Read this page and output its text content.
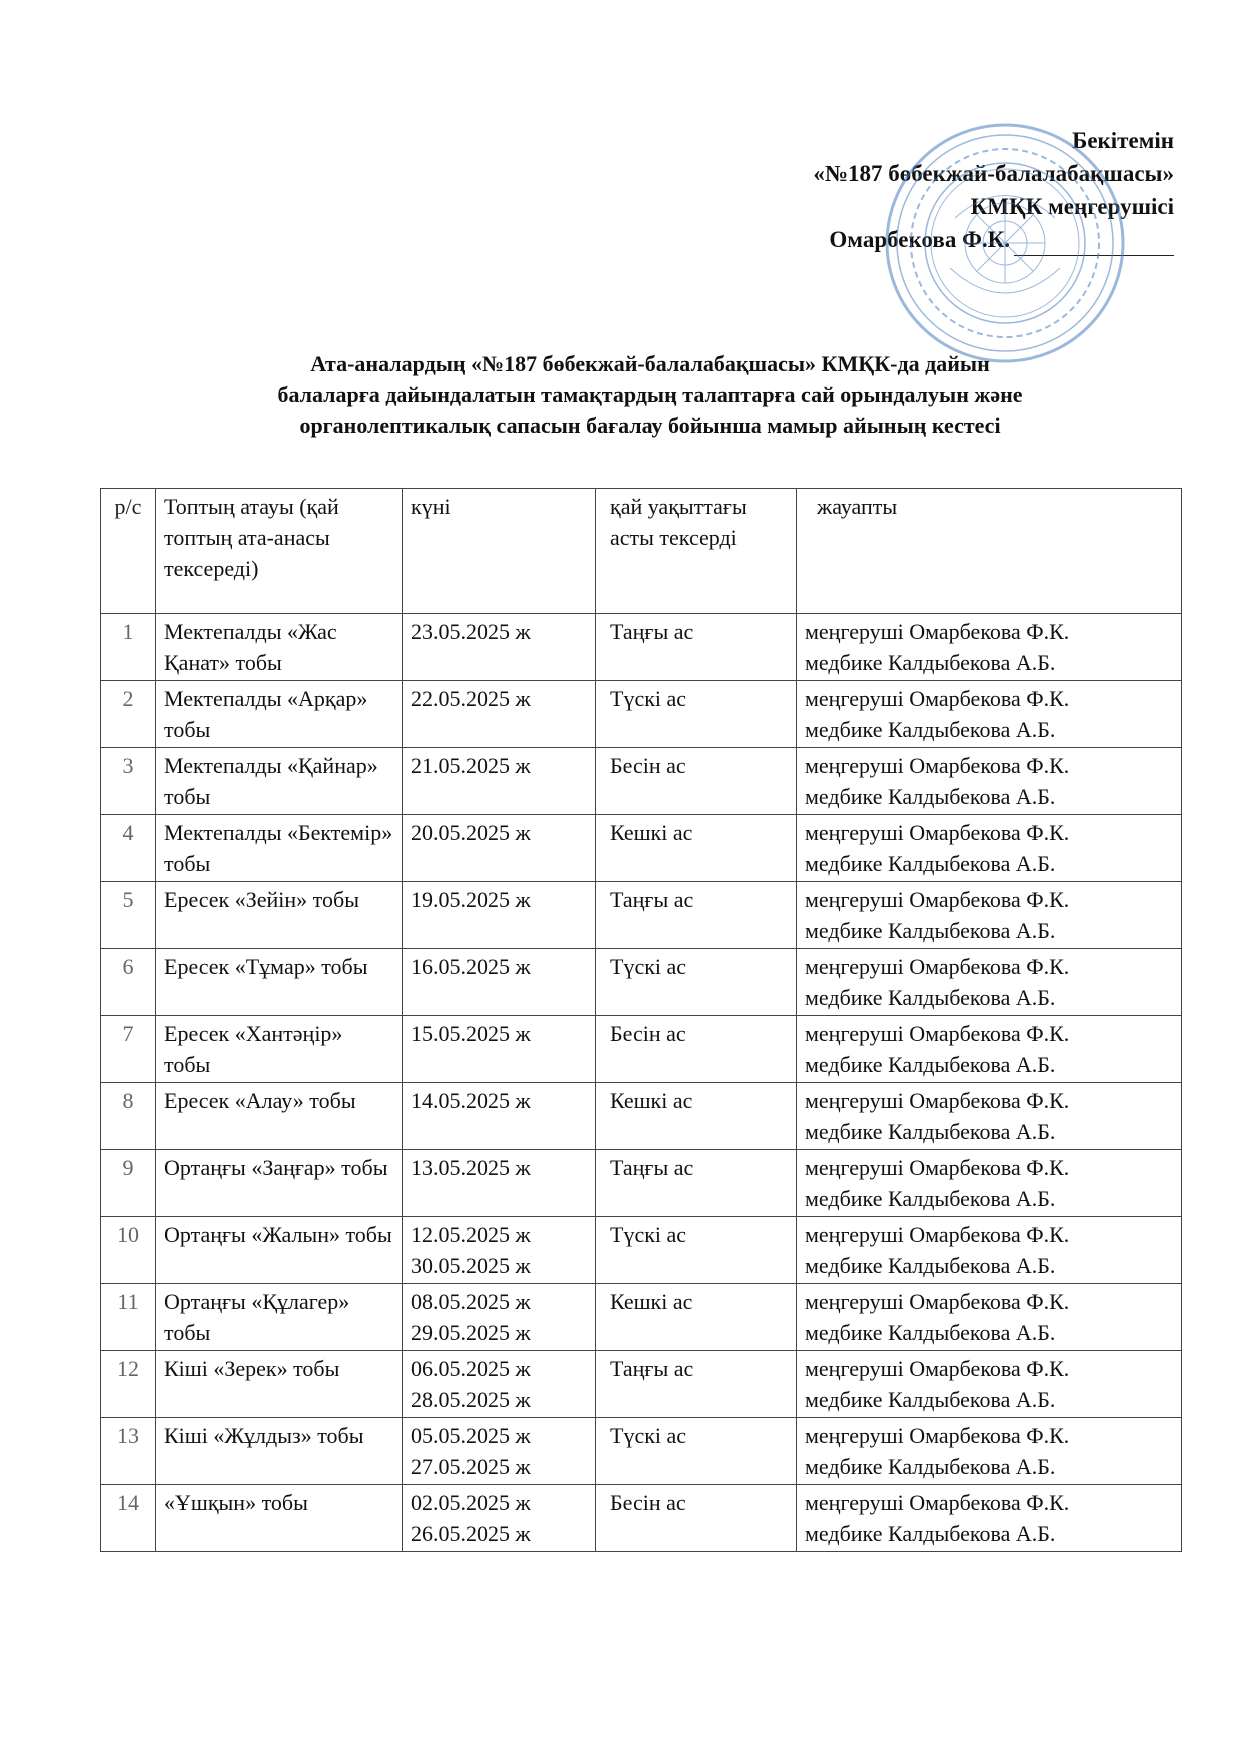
Бекітемін
«№187 бөбекжай-балалабақшасы»
КМҚК меңгерушісі
Омарбекова Ф.К.
Ата-аналардың «№187 бөбекжай-балалабақшасы» КМҚК-да дайын
балаларға дайындалатын тамақтардың талаптарға сай орындалуын және
органолептикалық сапасын бағалау бойынша мамыр айының кестесі
р/с	Топтың атауы (қай топтың ата-анасы тексереді)	күні	қай уақыттағы асты тексерді	жауапты
1	Мектепалды «Жас Қанат» тобы	23.05.2025 ж	Таңғы ас	меңгеруші Омарбекова Ф.К.
медбике Калдыбекова А.Б.

2	Мектепалды «Арқар» тобы	22.05.2025 ж	Түскі ас	меңгеруші Омарбекова Ф.К.
медбике Калдыбекова А.Б.

3	Мектепалды «Қайнар» тобы	21.05.2025 ж	Бесін ас	меңгеруші Омарбекова Ф.К.
медбике Калдыбекова А.Б.

4	Мектепалды «Бектемір» тобы	20.05.2025 ж	Кешкі ас	меңгеруші Омарбекова Ф.К.
медбике Калдыбекова А.Б.

5	Ересек «Зейін» тобы	19.05.2025 ж	Таңғы ас	меңгеруші Омарбекова Ф.К.
медбике Калдыбекова А.Б.

6	Ересек «Тұмар» тобы	16.05.2025 ж	Түскі ас	меңгеруші Омарбекова Ф.К.
медбике Калдыбекова А.Б.

7	Ересек «Хантәңір» тобы	15.05.2025 ж	Бесін ас	меңгеруші Омарбекова Ф.К.
медбике Калдыбекова А.Б.

8	Ересек «Алау» тобы	14.05.2025 ж	Кешкі ас	меңгеруші Омарбекова Ф.К.
медбике Калдыбекова А.Б.

9	Ортаңғы «Заңғар» тобы	13.05.2025 ж	Таңғы ас	меңгеруші Омарбекова Ф.К.
медбике Калдыбекова А.Б.

10	Ортаңғы «Жалын» тобы	12.05.2025 ж
30.05.2025 ж	Түскі ас	меңгеруші Омарбекова Ф.К.
медбике Калдыбекова А.Б.

11	Ортаңғы «Құлагер» тобы	08.05.2025 ж
29.05.2025 ж	Кешкі ас	меңгеруші Омарбекова Ф.К.
медбике Калдыбекова А.Б.

12	Кіші «Зерек» тобы	06.05.2025 ж
28.05.2025 ж	Таңғы ас	меңгеруші Омарбекова Ф.К.
медбике Калдыбекова А.Б.

13	Кіші «Жұлдыз» тобы	05.05.2025 ж
27.05.2025 ж	Түскі ас	меңгеруші Омарбекова Ф.К.
медбике Калдыбекова А.Б.

14	«Ұшқын» тобы	02.05.2025 ж
26.05.2025 ж	Бесін ас	меңгеруші Омарбекова Ф.К.
медбике Калдыбекова А.Б.
